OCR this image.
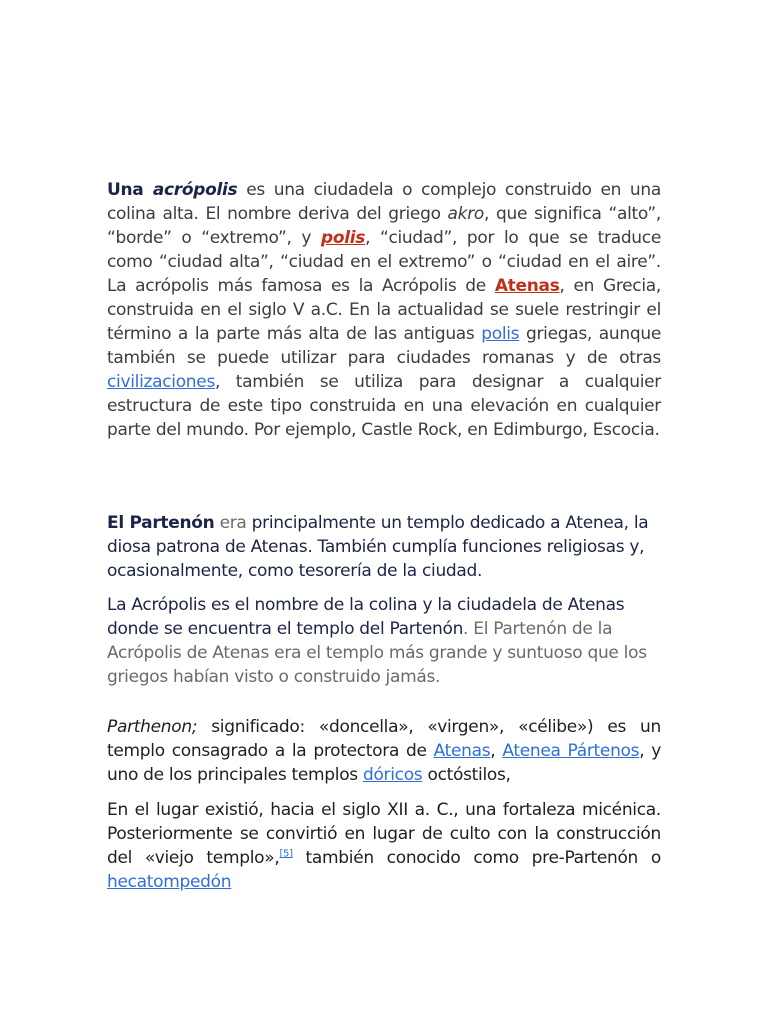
Una acrópolis es una ciudadela o complejo construido en una colina alta. El nombre deriva del griego akro, que significa “alto”, “borde” o “extremo”, y polis, “ciudad”, por lo que se traduce como “ciudad alta”, “ciudad en el extremo” o “ciudad en el aire”. La acrópolis más famosa es la Acrópolis de Atenas, en Grecia, construida en el siglo V a.C. En la actualidad se suele restringir el término a la parte más alta de las antiguas polis griegas, aunque también se puede utilizar para ciudades romanas y de otras civilizaciones, también se utiliza para designar a cualquier estructura de este tipo construida en una elevación en cualquier parte del mundo. Por ejemplo, Castle Rock, en Edimburgo, Escocia.

El Partenón era principalmente un templo dedicado a Atenea, la diosa patrona de Atenas. También cumplía funciones religiosas y, ocasionalmente, como tesorería de la ciudad.

La Acrópolis es el nombre de la colina y la ciudadela de Atenas donde se encuentra el templo del Partenón. El Partenón de la Acrópolis de Atenas era el templo más grande y suntuoso que los griegos habían visto o construido jamás.

Parthenon; significado: «doncella», «virgen», «célibe») es un templo consagrado a la protectora de Atenas, Atenea Pártenos, y uno de los principales templos dóricos octóstilos,

En el lugar existió, hacia el siglo XII a. C., una fortaleza micénica. Posteriormente se convirtió en lugar de culto con la construcción del «viejo templo»,[5] también conocido como pre-Partenón o hecatompedón
